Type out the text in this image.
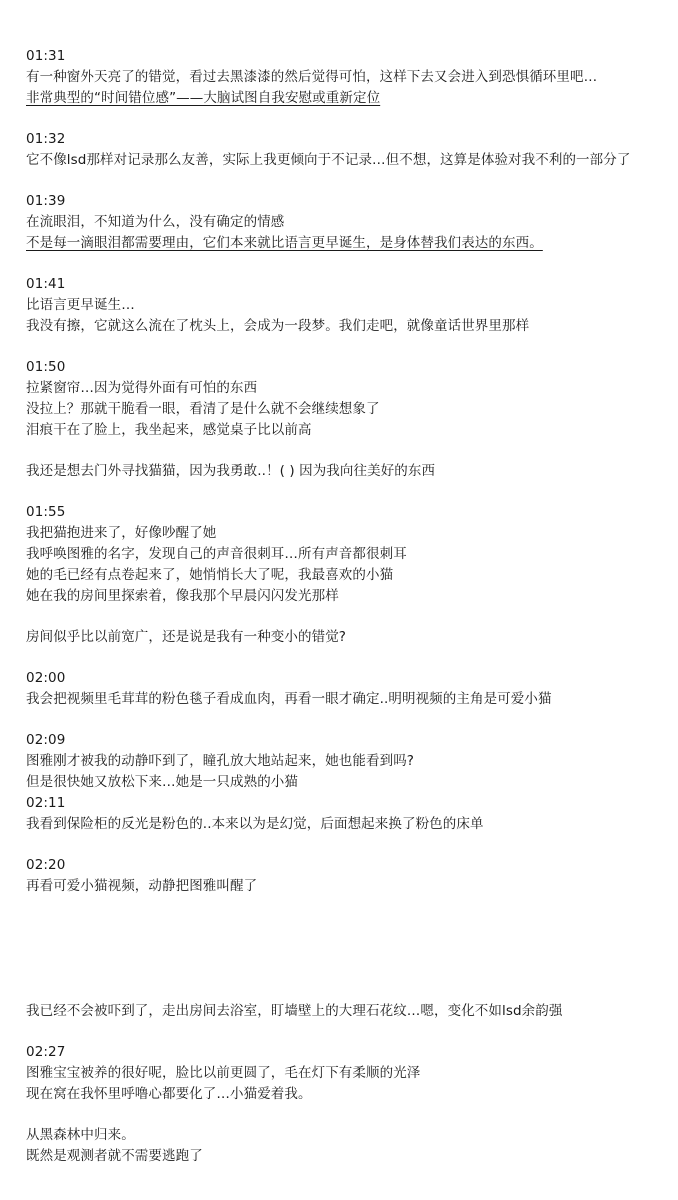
01:31
有一种窗外天亮了的错觉，看过去黑漆漆的然后觉得可怕，这样下去又会进入到恐惧循环里吧…
非常典型的“时间错位感”——大脑试图自我安慰或重新定位
01:32
它不像lsd那样对记录那么友善，实际上我更倾向于不记录…但不想，这算是体验对我不利的一部分了
01:39
在流眼泪，不知道为什么，没有确定的情感
不是每一滴眼泪都需要理由，它们本来就比语言更早诞生，是身体替我们表达的东西。
01:41
比语言更早诞生…
我没有擦，它就这么流在了枕头上，会成为一段梦。我们走吧，就像童话世界里那样
01:50
拉紧窗帘…因为觉得外面有可怕的东西
没拉上？那就干脆看一眼，看清了是什么就不会继续想象了
泪痕干在了脸上，我坐起来，感觉桌子比以前高
我还是想去门外寻找猫猫，因为我勇敢..！( ) 因为我向往美好的东西
01:55
我把猫抱进来了，好像吵醒了她
我呼唤图雅的名字，发现自己的声音很刺耳…所有声音都很刺耳
她的毛已经有点卷起来了，她悄悄长大了呢，我最喜欢的小猫
她在我的房间里探索着，像我那个早晨闪闪发光那样
房间似乎比以前宽广，还是说是我有一种变小的错觉?
02:00
我会把视频里毛茸茸的粉色毯子看成血肉，再看一眼才确定..明明视频的主角是可爱小猫
02:09
图雅刚才被我的动静吓到了，瞳孔放大地站起来，她也能看到吗?
但是很快她又放松下来…她是一只成熟的小猫
02:11
我看到保险柜的反光是粉色的..本来以为是幻觉，后面想起来换了粉色的床单
02:20
再看可爱小猫视频，动静把图雅叫醒了
我已经不会被吓到了，走出房间去浴室，盯墙壁上的大理石花纹…嗯，变化不如lsd余韵强
02:27
图雅宝宝被养的很好呢，脸比以前更圆了，毛在灯下有柔顺的光泽
现在窝在我怀里呼噜心都要化了…小猫爱着我。
从黑森林中归来。
既然是观测者就不需要逃跑了
